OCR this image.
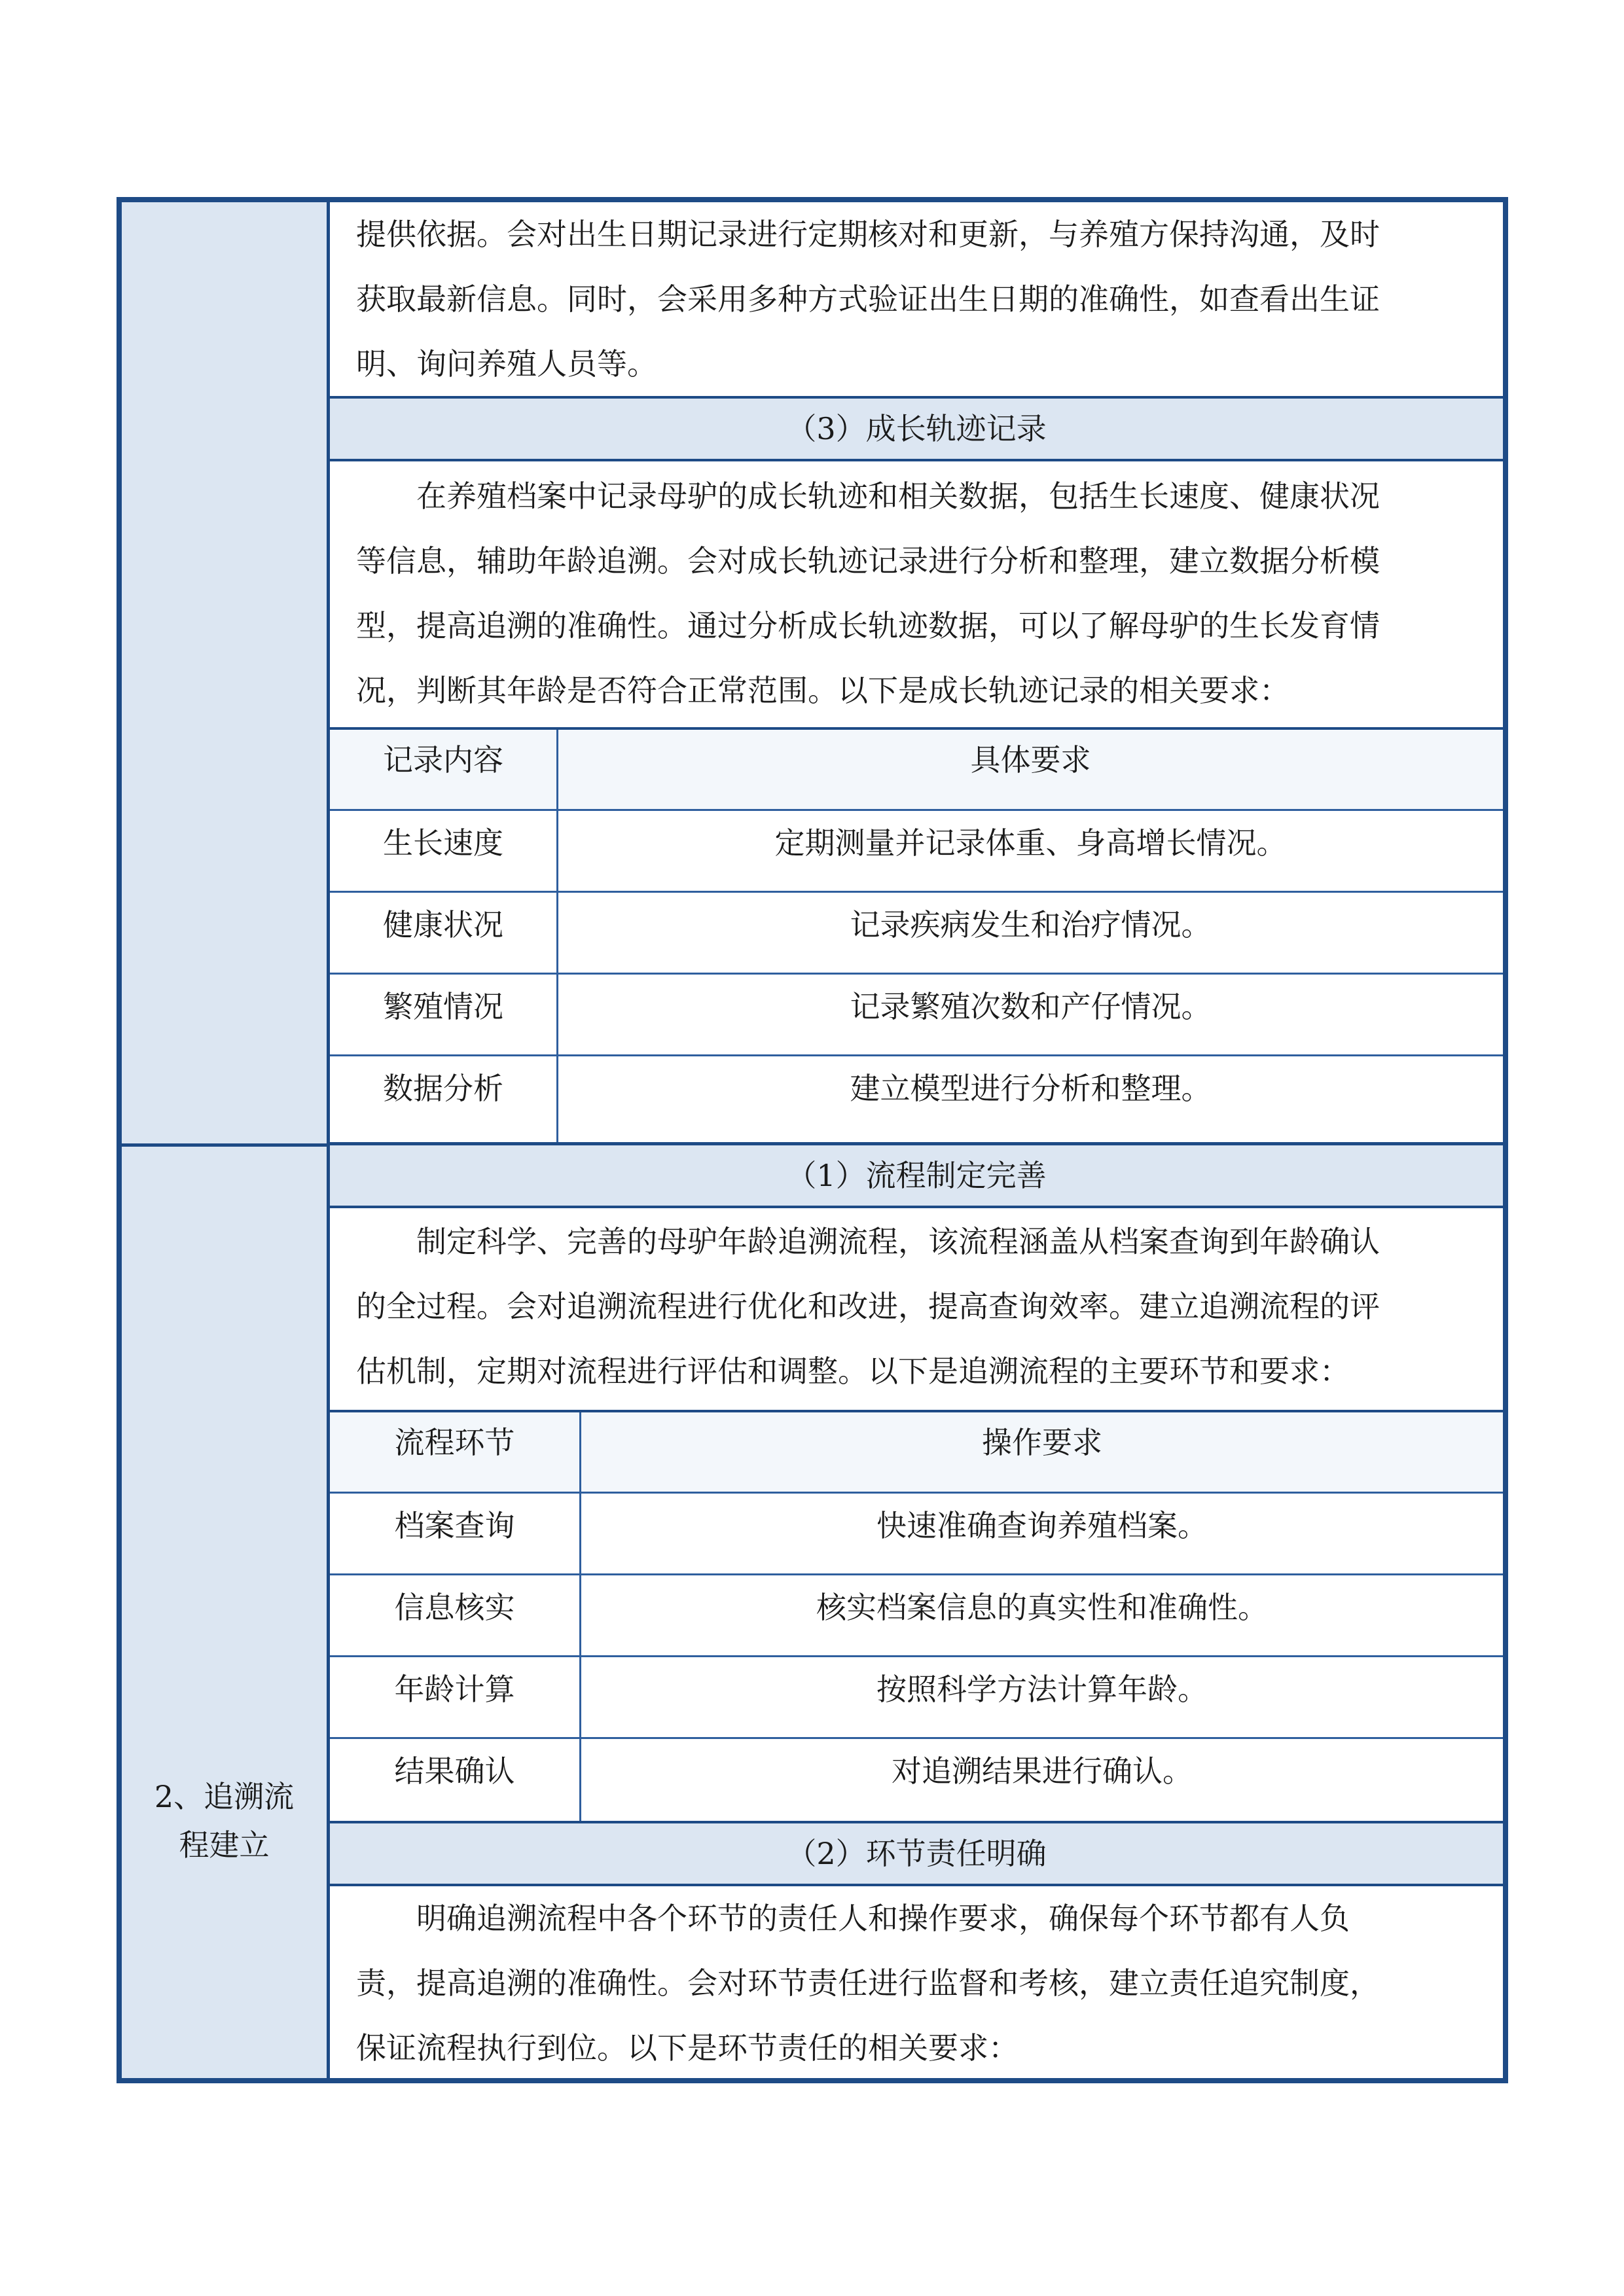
2、追溯流
程建立
提供依据。会对出生日期记录进行定期核对和更新，与养殖方保持沟通，及时
获取最新信息。同时，会采用多种方式验证出生日期的准确性，如查看出生证
明、询问养殖人员等。
（3）成长轨迹记录
在养殖档案中记录母驴的成长轨迹和相关数据，包括生长速度、健康状况
等信息，辅助年龄追溯。会对成长轨迹记录进行分析和整理，建立数据分析模
型，提高追溯的准确性。通过分析成长轨迹数据，可以了解母驴的生长发育情
况，判断其年龄是否符合正常范围。以下是成长轨迹记录的相关要求：
记录内容	具体要求
生长速度	定期测量并记录体重、身高增长情况。
健康状况	记录疾病发生和治疗情况。
繁殖情况	记录繁殖次数和产仔情况。
数据分析	建立模型进行分析和整理。
（1）流程制定完善
制定科学、完善的母驴年龄追溯流程，该流程涵盖从档案查询到年龄确认
的全过程。会对追溯流程进行优化和改进，提高查询效率。建立追溯流程的评
估机制，定期对流程进行评估和调整。以下是追溯流程的主要环节和要求：
流程环节	操作要求
档案查询	快速准确查询养殖档案。
信息核实	核实档案信息的真实性和准确性。
年龄计算	按照科学方法计算年龄。
结果确认	对追溯结果进行确认。
（2）环节责任明确
明确追溯流程中各个环节的责任人和操作要求，确保每个环节都有人负
责，提高追溯的准确性。会对环节责任进行监督和考核，建立责任追究制度，
保证流程执行到位。以下是环节责任的相关要求：
